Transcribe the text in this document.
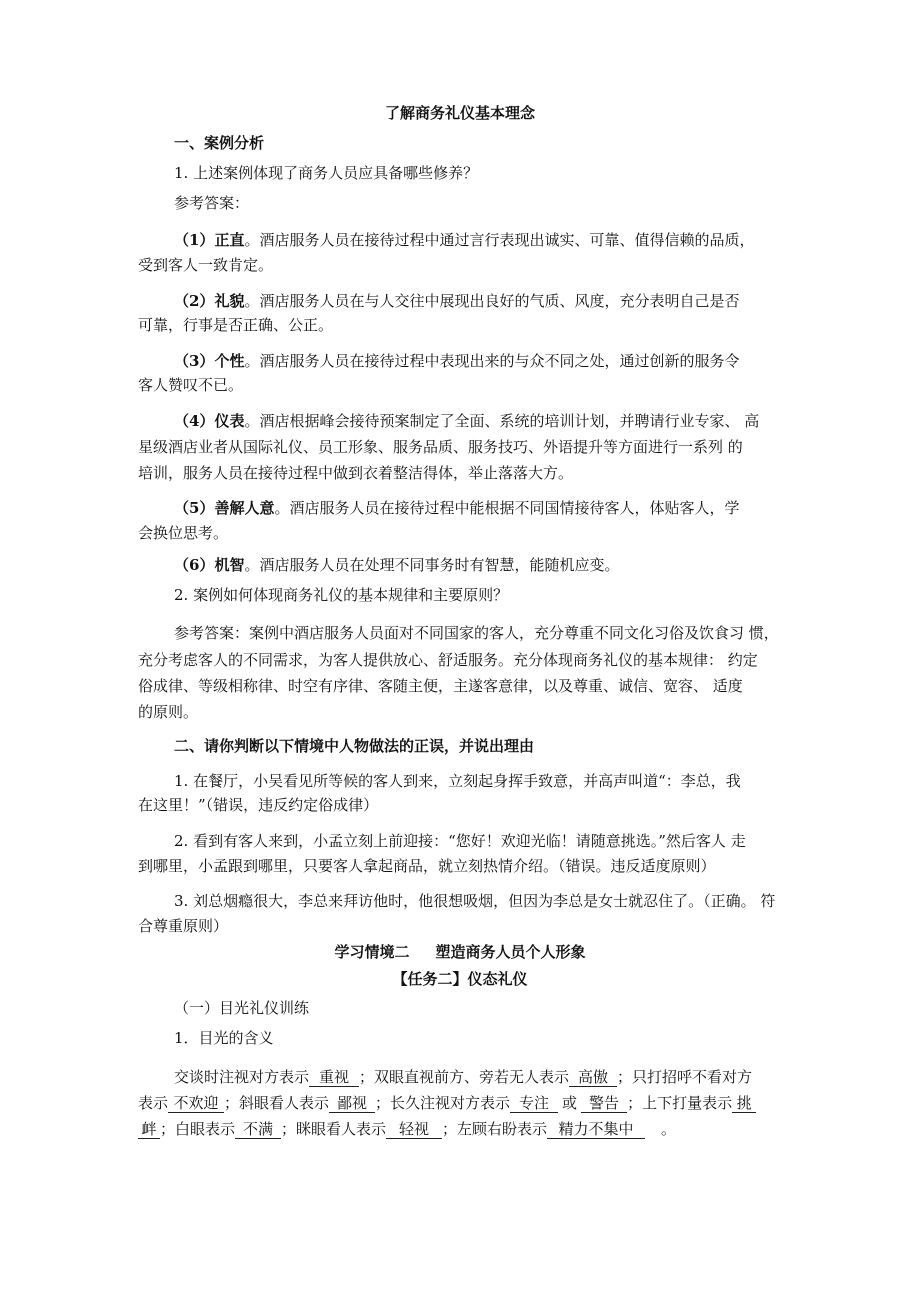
了解商务礼仪基本理念
一、案例分析
1. 上述案例体现了商务人员应具备哪些修养？
参考答案：
（1）正直。酒店服务人员在接待过程中通过言行表现出诚实、可靠、值得信赖的品质，
受到客人一致肯定。
（2）礼貌。酒店服务人员在与人交往中展现出良好的气质、风度，充分表明自己是否
可靠，行事是否正确、公正。
（3）个性。酒店服务人员在接待过程中表现出来的与众不同之处，通过创新的服务令
客人赞叹不已。
（4）仪表。酒店根据峰会接待预案制定了全面、系统的培训计划，并聘请行业专家、 高
星级酒店业者从国际礼仪、员工形象、服务品质、服务技巧、外语提升等方面进行一系列 的
培训，服务人员在接待过程中做到衣着整洁得体，举止落落大方。
（5）善解人意。酒店服务人员在接待过程中能根据不同国情接待客人，体贴客人，学
会换位思考。
（6）机智。酒店服务人员在处理不同事务时有智慧，能随机应变。
2. 案例如何体现商务礼仪的基本规律和主要原则？
参考答案：案例中酒店服务人员面对不同国家的客人，充分尊重不同文化习俗及饮食习 惯，
充分考虑客人的不同需求，为客人提供放心、舒适服务。充分体现商务礼仪的基本规律： 约定
俗成律、等级相称律、时空有序律、客随主便，主遂客意律，以及尊重、诚信、宽容、 适度
的原则。
二、请你判断以下情境中人物做法的正误，并说出理由
1. 在餐厅，小吴看见所等候的客人到来，立刻起身挥手致意，并高声叫道“：李总，我
在这里！”（错误，违反约定俗成律）
2. 看到有客人来到，小孟立刻上前迎接：“您好！欢迎光临！请随意挑选。”然后客人 走
到哪里，小孟跟到哪里，只要客人拿起商品，就立刻热情介绍。（错误。违反适度原则）
3. 刘总烟瘾很大，李总来拜访他时，他很想吸烟，但因为李总是女士就忍住了。（正确。 符
合尊重原则）
学习情境二     塑造商务人员个人形象
【任务二】仪态礼仪
（一）目光礼仪训练
1．目光的含义
交谈时注视对方表示 重视 ；双眼直视前方、旁若无人表示 高傲 ；只打招呼不看对方
表示 不欢迎 ；斜眼看人表示 鄙视 ；长久注视对方表示 专注 或 警告 ；上下打量表示 挑
衅 ；白眼表示 不满 ；眯眼看人表示 轻视 ；左顾右盼表示 精力不集中 。
